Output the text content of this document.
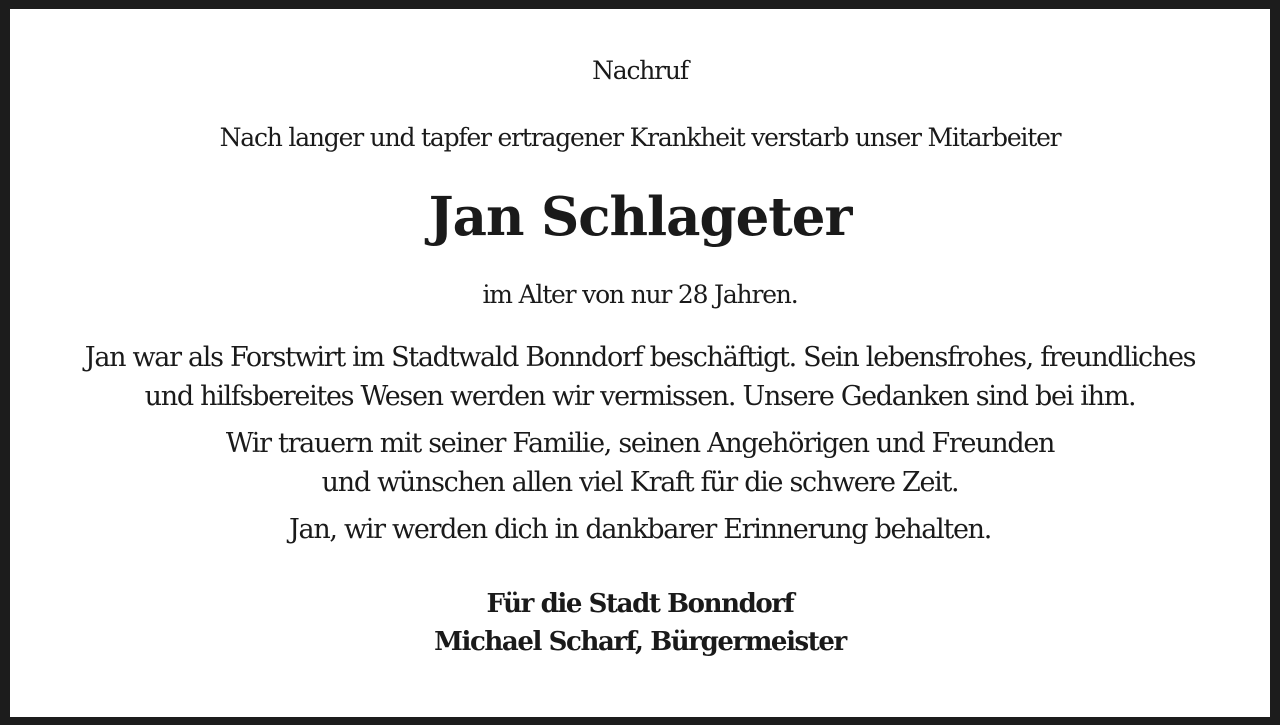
Nachruf

Nach langer und tapfer ertragener Krankheit verstarb unser Mitarbeiter

Jan Schlageter

im Alter von nur 28 Jahren.

Jan war als Forstwirt im Stadtwald Bonndorf beschäftigt. Sein lebensfrohes, freundliches

und hilfsbereites Wesen werden wir vermissen. Unsere Gedanken sind bei ihm.

Wir trauern mit seiner Familie, seinen Angehörigen und Freunden

und wünschen allen viel Kraft für die schwere Zeit.

Jan, wir werden dich in dankbarer Erinnerung behalten.

Für die Stadt Bonndorf

Michael Scharf, Bürgermeister
